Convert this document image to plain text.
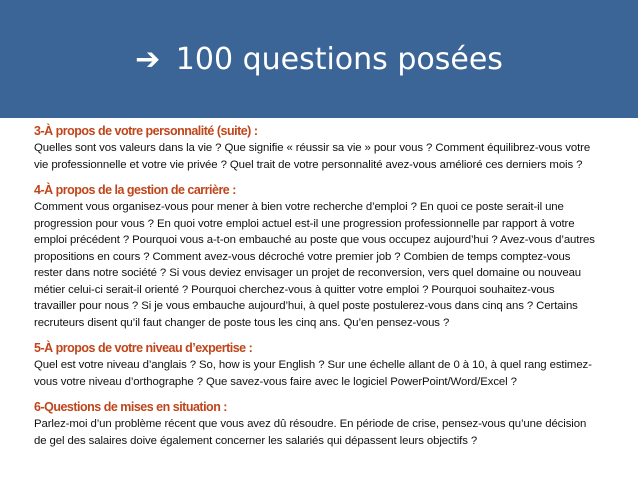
➔ 100 questions posées
3-À propos de votre personnalité (suite) :
Quelles sont vos valeurs dans la vie ? Que signifie « réussir sa vie » pour vous ? Comment équilibrez-vous votre
vie professionnelle et votre vie privée ? Quel trait de votre personnalité avez-vous amélioré ces derniers mois ?
4-À propos de la gestion de carrière :
Comment vous organisez-vous pour mener à bien votre recherche d’emploi ? En quoi ce poste serait-il une
progression pour vous ? En quoi votre emploi actuel est-il une progression professionnelle par rapport à votre
emploi précédent ? Pourquoi vous a-t-on embauché au poste que vous occupez aujourd’hui ? Avez-vous d’autres
propositions en cours ? Comment avez-vous décroché votre premier job ? Combien de temps comptez-vous
rester dans notre société ? Si vous deviez envisager un projet de reconversion, vers quel domaine ou nouveau
métier celui-ci serait-il orienté ? Pourquoi cherchez-vous à quitter votre emploi ? Pourquoi souhaitez-vous
travailler pour nous ? Si je vous embauche aujourd’hui, à quel poste postulerez-vous dans cinq ans ? Certains
recruteurs disent qu’il faut changer de poste tous les cinq ans. Qu’en pensez-vous ?
5-À propos de votre niveau d’expertise :
Quel est votre niveau d’anglais ? So, how is your English ? Sur une échelle allant de 0 à 10, à quel rang estimez-
vous votre niveau d’orthographe ? Que savez-vous faire avec le logiciel PowerPoint/Word/Excel ?
6-Questions de mises en situation :
Parlez-moi d’un problème récent que vous avez dû résoudre. En période de crise, pensez-vous qu’une décision
de gel des salaires doive également concerner les salariés qui dépassent leurs objectifs ?
